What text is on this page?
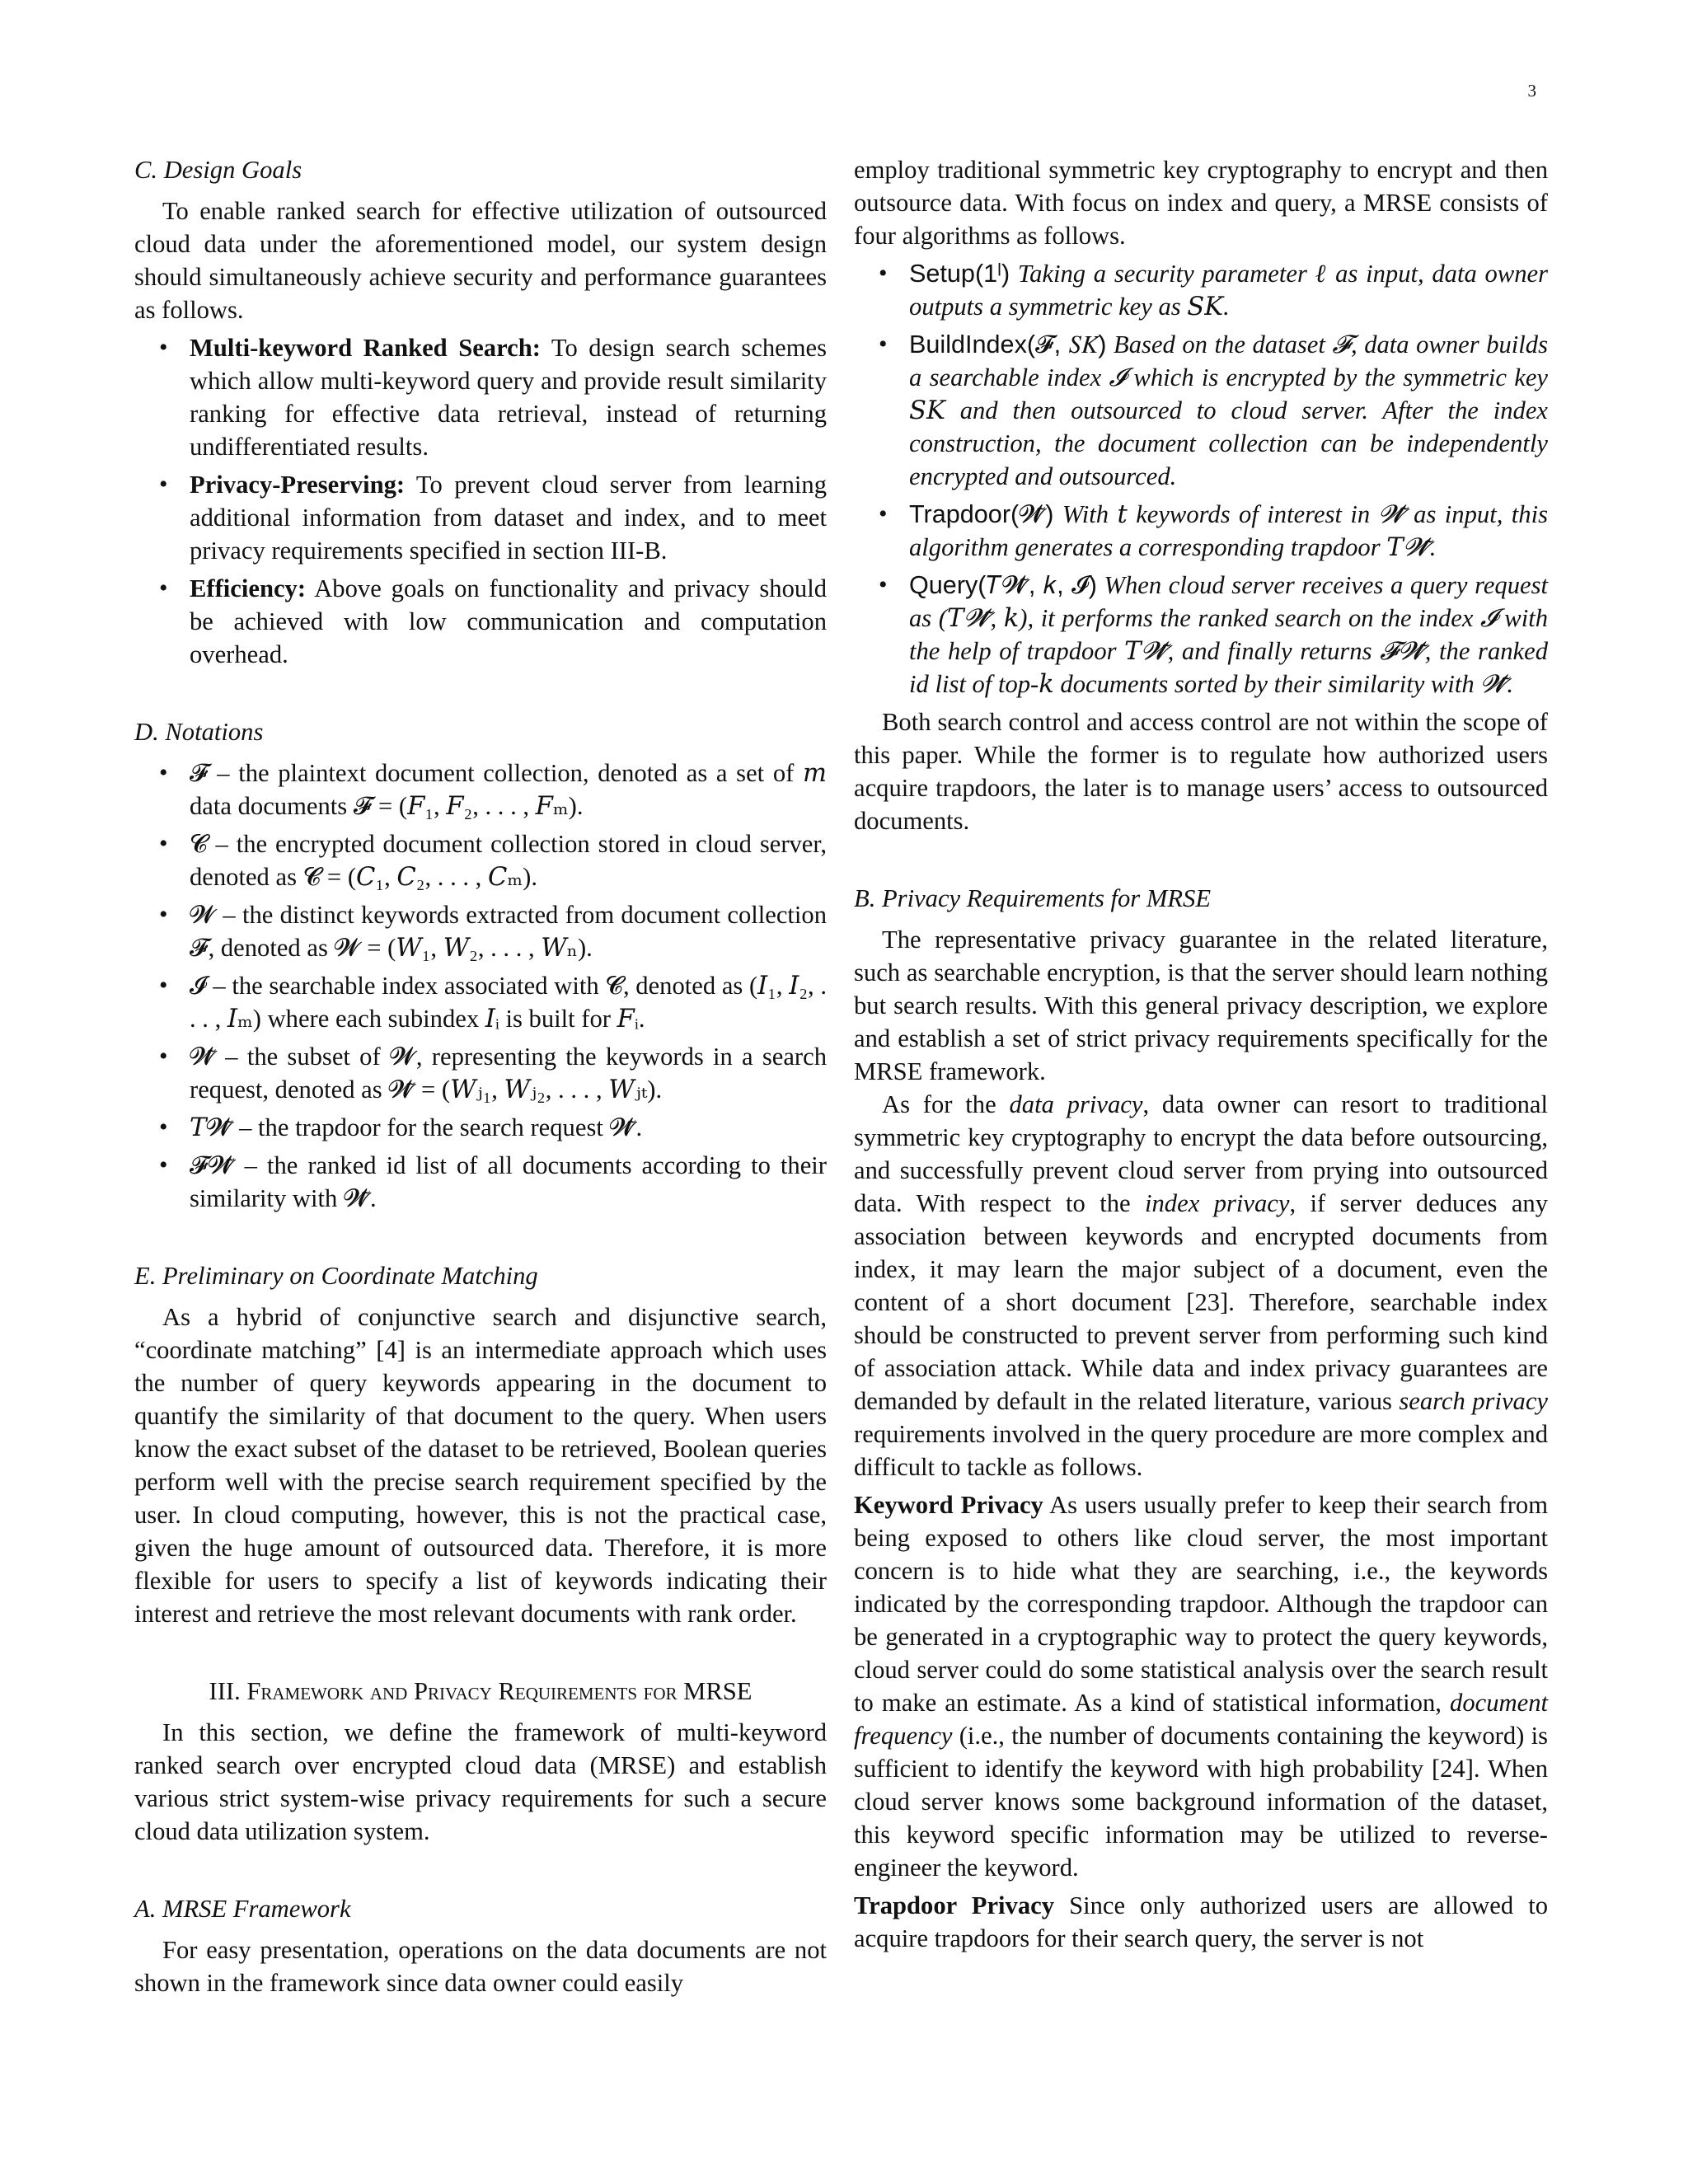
3
C. Design Goals

To enable ranked search for effective utilization of outsourced cloud data under the aforementioned model, our system design should simultaneously achieve security and performance guarantees as follows.

• Multi-keyword Ranked Search: To design search schemes which allow multi-keyword query and provide result similarity ranking for effective data retrieval, instead of returning undifferentiated results.
• Privacy-Preserving: To prevent cloud server from learning additional information from dataset and index, and to meet privacy requirements specified in section III-B.
• Efficiency: Above goals on functionality and privacy should be achieved with low communication and computation overhead.
D. Notations
• 𝓕 – the plaintext document collection, denoted as a set of 𝑚 data documents 𝓕 = (𝐹₁, 𝐹₂, . . . , 𝐹ₘ).
• 𝓒 – the encrypted document collection stored in cloud server, denoted as 𝓒 = (𝐶₁, 𝐶₂, . . . , 𝐶ₘ).
• 𝓦 – the distinct keywords extracted from document collection 𝓕, denoted as 𝓦 = (𝑊₁, 𝑊₂, . . . , 𝑊ₙ).
• 𝓘 – the searchable index associated with 𝓒, denoted as (𝐼₁, 𝐼₂, . . . , 𝐼ₘ) where each subindex 𝐼ᵢ is built for 𝐹ᵢ.
• 𝓦̃ – the subset of 𝓦, representing the keywords in a search request, denoted as 𝓦̃ = (𝑊ⱼ₁, 𝑊ⱼ₂, . . . , 𝑊ⱼₜ).
• 𝑇𝓦̃ – the trapdoor for the search request 𝓦̃.
• 𝓕𝓦̃ – the ranked id list of all documents according to their similarity with 𝓦̃.
E. Preliminary on Coordinate Matching

As a hybrid of conjunctive search and disjunctive search, “coordinate matching” [4] is an intermediate approach which uses the number of query keywords appearing in the document to quantify the similarity of that document to the query. When users know the exact subset of the dataset to be retrieved, Boolean queries perform well with the precise search requirement specified by the user. In cloud computing, however, this is not the practical case, given the huge amount of outsourced data. Therefore, it is more flexible for users to specify a list of keywords indicating their interest and retrieve the most relevant documents with rank order.

III. Framework and Privacy Requirements for MRSE

In this section, we define the framework of multi-keyword ranked search over encrypted cloud data (MRSE) and establish various strict system-wise privacy requirements for such a secure cloud data utilization system.

A. MRSE Framework

For easy presentation, operations on the data documents are not shown in the framework since data owner could easily

employ traditional symmetric key cryptography to encrypt and then outsource data. With focus on index and query, a MRSE consists of four algorithms as follows.

• Setup(1ˡ) Taking a security parameter ℓ as input, data owner outputs a symmetric key as 𝑆𝐾.
• BuildIndex(𝓕, 𝑆𝐾) Based on the dataset 𝓕, data owner builds a searchable index 𝓘 which is encrypted by the symmetric key 𝑆𝐾 and then outsourced to cloud server. After the index construction, the document collection can be independently encrypted and outsourced.
• Trapdoor(𝓦̃) With 𝑡 keywords of interest in 𝓦̃ as input, this algorithm generates a corresponding trapdoor 𝑇𝓦̃.
• Query(𝑇𝓦̃, 𝑘, 𝓘) When cloud server receives a query request as (𝑇𝓦̃, 𝑘), it performs the ranked search on the index 𝓘 with the help of trapdoor 𝑇𝓦̃, and finally returns 𝓕𝓦̃, the ranked id list of top-𝑘 documents sorted by their similarity with 𝓦̃.

Both search control and access control are not within the scope of this paper. While the former is to regulate how authorized users acquire trapdoors, the later is to manage users’ access to outsourced documents.

B. Privacy Requirements for MRSE

The representative privacy guarantee in the related literature, such as searchable encryption, is that the server should learn nothing but search results. With this general privacy description, we explore and establish a set of strict privacy requirements specifically for the MRSE framework.

As for the data privacy, data owner can resort to traditional symmetric key cryptography to encrypt the data before outsourcing, and successfully prevent cloud server from prying into outsourced data. With respect to the index privacy, if server deduces any association between keywords and encrypted documents from index, it may learn the major subject of a document, even the content of a short document [23]. Therefore, searchable index should be constructed to prevent server from performing such kind of association attack. While data and index privacy guarantees are demanded by default in the related literature, various search privacy requirements involved in the query procedure are more complex and difficult to tackle as follows.

Keyword Privacy As users usually prefer to keep their search from being exposed to others like cloud server, the most important concern is to hide what they are searching, i.e., the keywords indicated by the corresponding trapdoor. Although the trapdoor can be generated in a cryptographic way to protect the query keywords, cloud server could do some statistical analysis over the search result to make an estimate. As a kind of statistical information, document frequency (i.e., the number of documents containing the keyword) is sufficient to identify the keyword with high probability [24]. When cloud server knows some background information of the dataset, this keyword specific information may be utilized to reverse-engineer the keyword.

Trapdoor Privacy Since only authorized users are allowed to acquire trapdoors for their search query, the server is not
